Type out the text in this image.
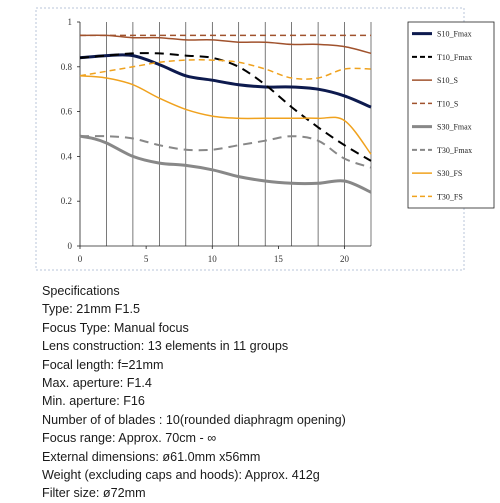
0
0.2
0.4
0.6
0.8
1
0	5	10	15	20
S10_Fmax
T10_Fmax
S10_S
T10_S
S30_Fmax
T30_Fmax
S30_FS
T30_FS
Specifications
Type: 21mm F1.5
Focus Type: Manual focus
Lens construction: 13 elements in 11 groups
Focal length: f=21mm
Max. aperture: F1.4
Min. aperture: F16
Number of of blades : 10(rounded diaphragm opening)
Focus range: Approx. 70cm - ∞
External dimensions: ø61.0mm x56mm
Weight (excluding caps and hoods): Approx. 412g
Filter size: ø72mm
